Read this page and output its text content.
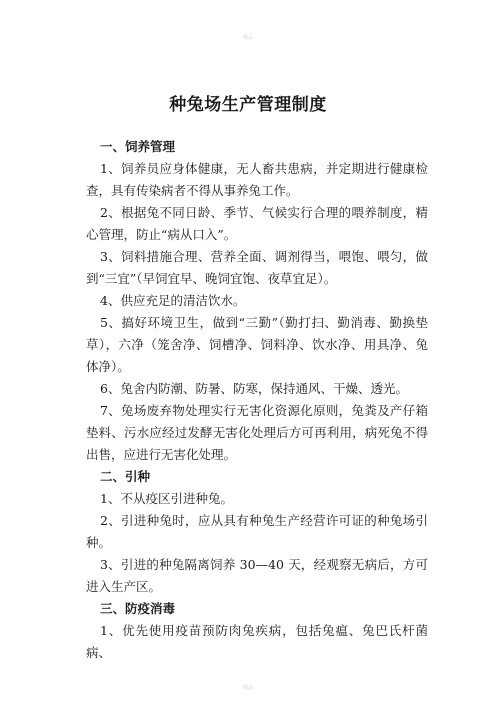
精品
种兔场生产管理制度
一、饲养管理
1、饲养员应身体健康，无人畜共患病，并定期进行健康检查，具有传染病者不得从事养兔工作。
2、根据兔不同日龄、季节、气候实行合理的喂养制度，精心管理，防止“病从口入”。
3、饲料措施合理、营养全面、调剂得当，喂饱、喂匀，做到“三宜”（早饲宜早、晚饲宜饱、夜草宜足）。
4、供应充足的清洁饮水。
5、搞好环境卫生，做到“三勤”（勤打扫、勤消毒、勤换垫草），六净（笼舍净、饲槽净、饲料净、饮水净、用具净、兔体净）。
6、兔舍内防潮、防暑、防寒，保持通风、干燥、透光。
7、兔场废弃物处理实行无害化资源化原则，兔粪及产仔箱垫料、污水应经过发酵无害化处理后方可再利用，病死兔不得出售，应进行无害化处理。
二、引种
1、不从疫区引进种兔。
2、引进种兔时，应从具有种兔生产经营许可证的种兔场引种。
3、引进的种兔隔离饲养 30—40 天，经观察无病后，方可进入生产区。
三、防疫消毒
1、优先使用疫苗预防肉兔疾病，包括兔瘟、兔巴氏杆菌病、
精品
